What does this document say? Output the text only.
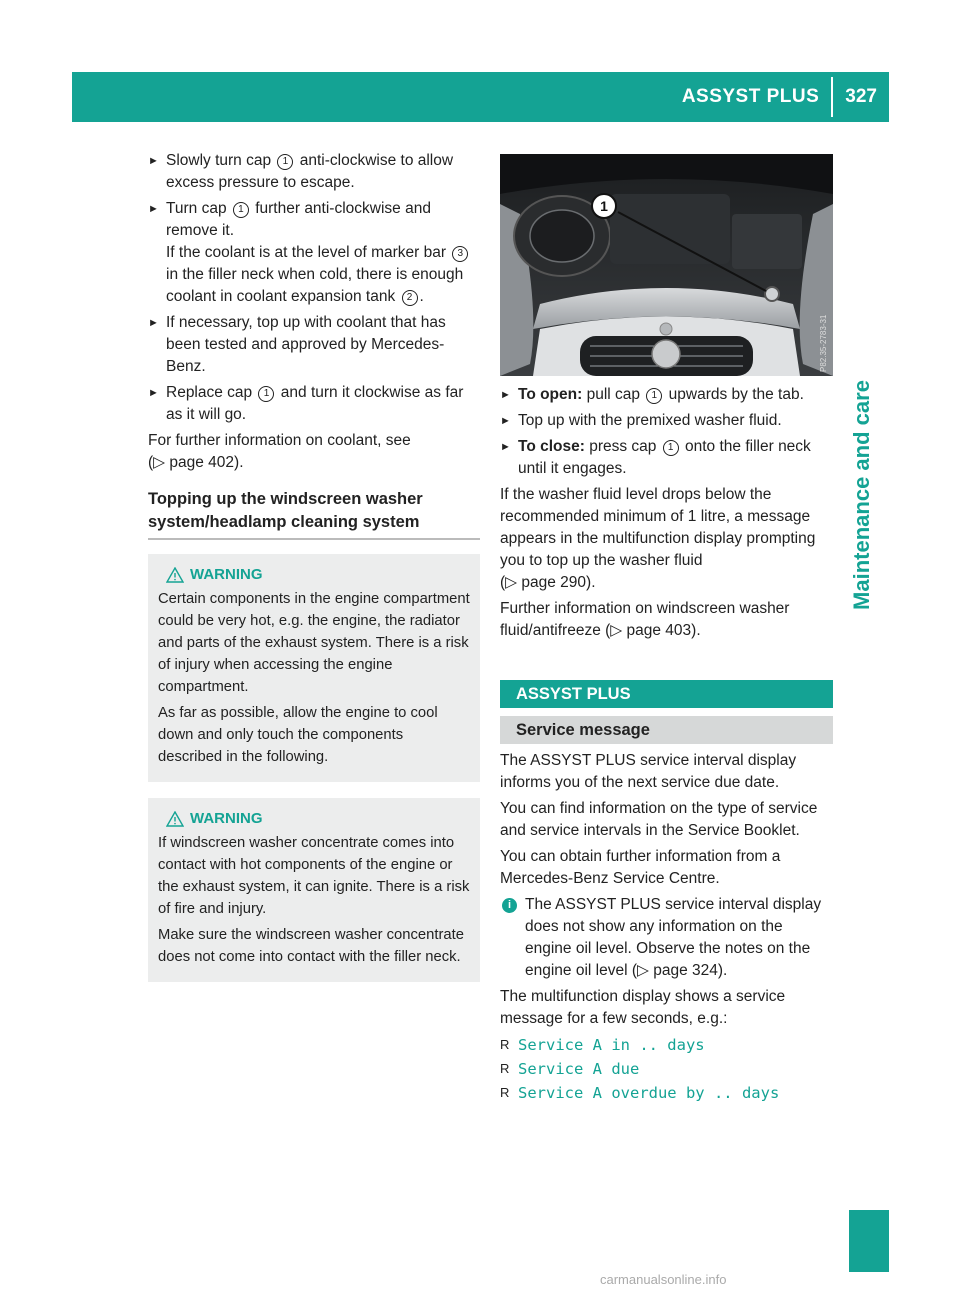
ASSYST PLUS	327
Maintenance and care
► Slowly turn cap 1 anti-clockwise to allow excess pressure to escape.
► Turn cap 1 further anti-clockwise and remove it.
If the coolant is at the level of marker bar 3 in the filler neck when cold, there is enough coolant in coolant expansion tank 2 .
► If necessary, top up with coolant that has been tested and approved by Mercedes-Benz.
► Replace cap 1 and turn it clockwise as far as it will go.

For further information on coolant, see
(▷ page 402).

Topping up the windscreen washer system/headlamp cleaning system
WARNING

Certain components in the engine compartment could be very hot, e.g. the engine, the radiator and parts of the exhaust system. There is a risk of injury when accessing the engine compartment.

As far as possible, allow the engine to cool down and only touch the components described in the following.

WARNING

If windscreen washer concentrate comes into contact with hot components of the engine or the exhaust system, it can ignite. There is a risk of fire and injury.

Make sure the windscreen washer concentrate does not come into contact with the filler neck.

1
P82.35-2783-31
► To open: pull cap 1 upwards by the tab.
► Top up with the premixed washer fluid.
► To close: press cap 1 onto the filler neck until it engages.

If the washer fluid level drops below the recommended minimum of 1 litre, a message appears in the multifunction display prompting you to top up the washer fluid
(▷ page 290).

Further information on windscreen washer fluid/antifreeze (▷ page 403).

ASSYST PLUS
Service message

The ASSYST PLUS service interval display informs you of the next service due date.

You can find information on the type of service and service intervals in the Service Booklet.

You can obtain further information from a Mercedes-Benz Service Centre.

i The ASSYST PLUS service interval display does not show any information on the engine oil level. Observe the notes on the engine oil level (▷ page 324).

The multifunction display shows a service message for a few seconds, e.g.:

R Service A in .. days
R Service A due
R Service A overdue by .. days
carmanualsonline.info
